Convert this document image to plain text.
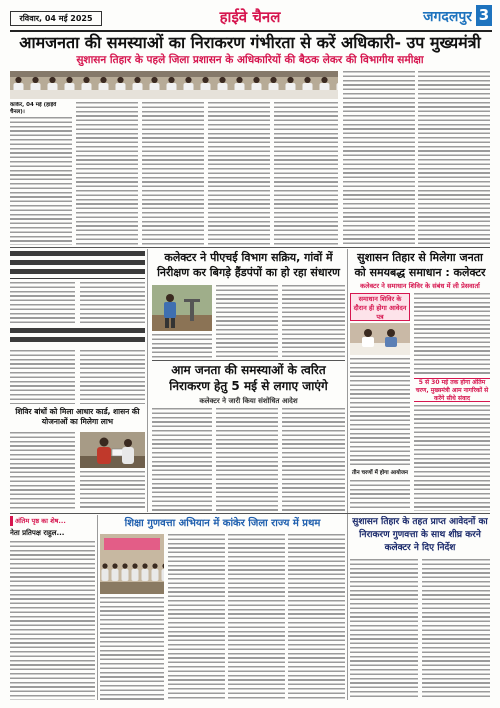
रविवार, 04 मई 2025	हाईवे चैनल	जगदलपुर 3
आमजनता की समस्याओं का निराकरण गंभीरता से करें अधिकारी- उप मुख्यमंत्री
सुशासन तिहार के पहले जिला प्रशासन के अधिकारियों की बैठक लेकर की विभागीय समीक्षा
कांकेर, 04 मई (हाईवे चैनल)।
शिविर बांधों को मिला आधार कार्ड, शासन की योजनाओं का मिलेगा लाभ
कलेक्टर ने पीएचई विभाग सक्रिय, गांवों में निरीक्षण कर बिगड़े हैंडपंपों का हो रहा संधारण
आम जनता की समस्याओं के त्वरित निराकरण हेतु 5 मई से लगाए जाएंगे
कलेक्टर ने जारी किया संशोधित आदेश
सुशासन तिहार से मिलेगा जनता को समयबद्ध समाधान : कलेक्टर
कलेक्टर ने समाधान शिविर के संबंध में ली प्रेसवार्ता
समाधान शिविर के दौरान ही होगा आवेदन पत्र
तीन चरणों में होगा आयोजन
5 से 30 मई तक होगा अंतिम चरण, मुख्यमंत्री आम नागरिकों से करेंगे सीधे संवाद
अंतिम पृष्ठ का शेष...
नेता प्रतिपक्ष राहुल...
शिक्षा गुणवत्ता अभियान में कांकेर जिला राज्य में प्रथम	सुशासन तिहार के तहत प्राप्त आवेदनों का निराकरण गुणवत्ता के साथ शीघ्र करने कलेक्टर ने दिए निर्देश
